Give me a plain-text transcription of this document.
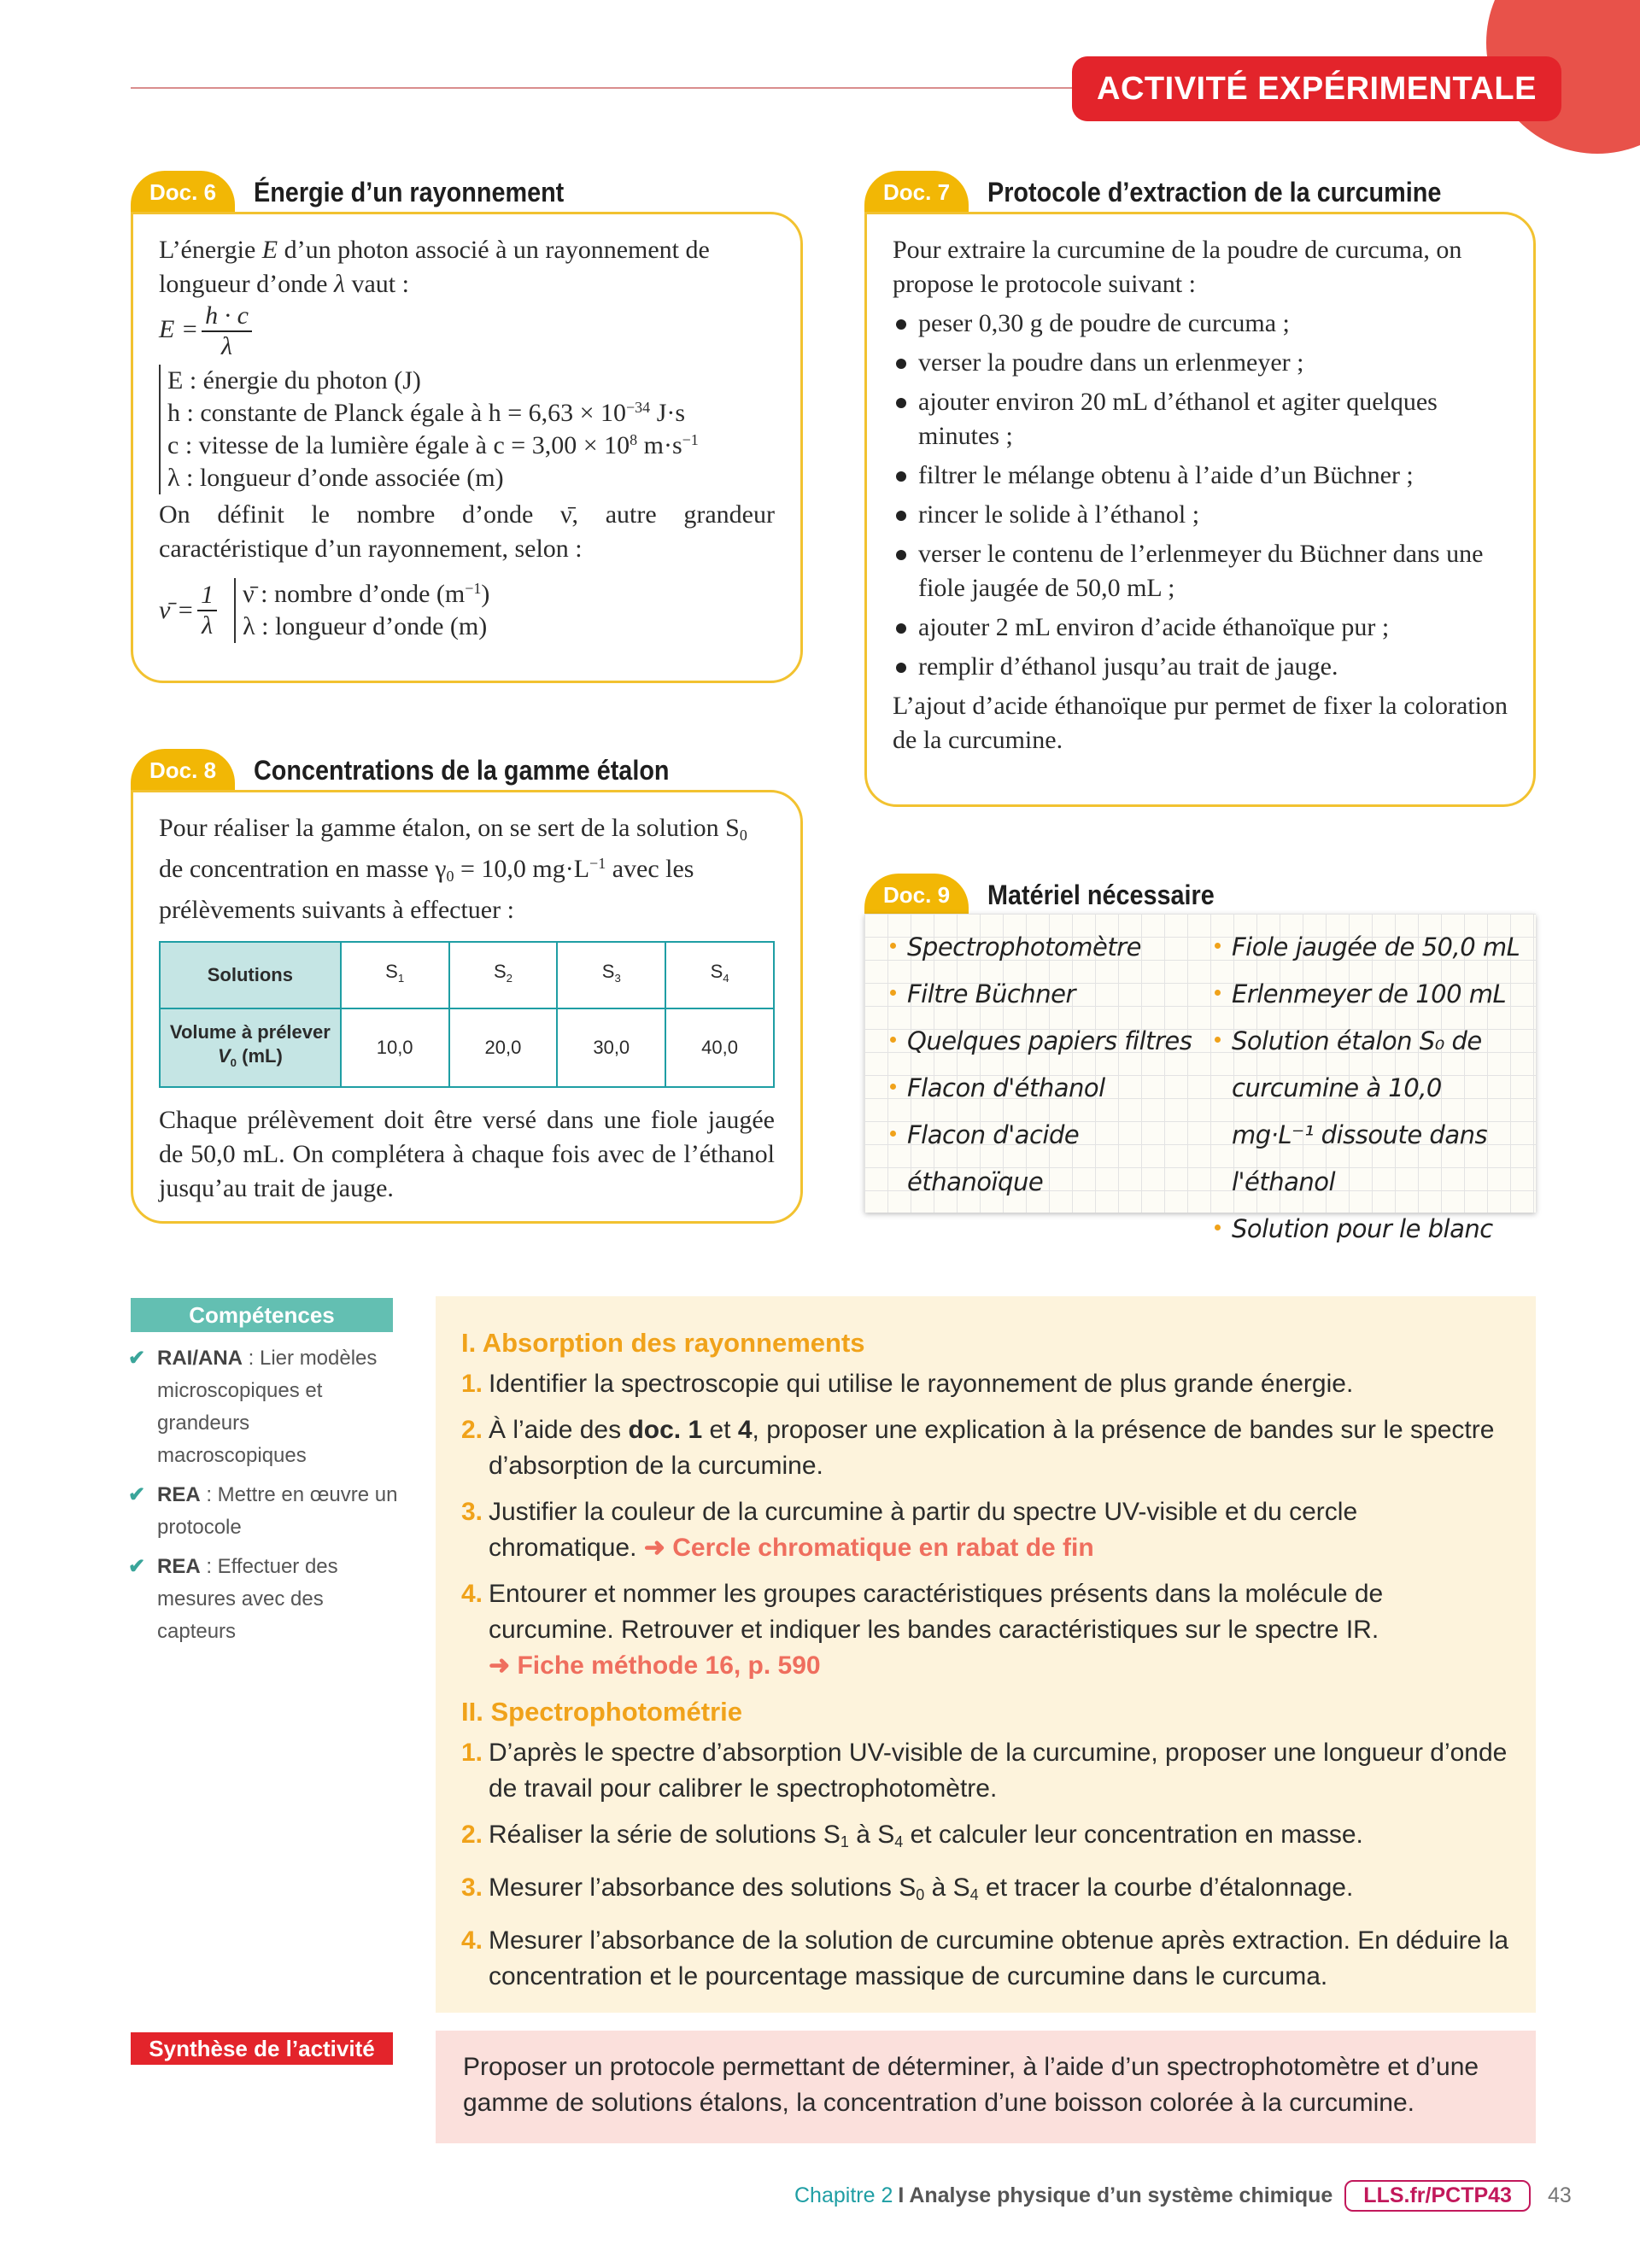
ACTIVITÉ EXPÉRIMENTALE
Doc. 6	Énergie d’un rayonnement

L’énergie E d’un photon associé à un rayonnement de longueur d’onde λ vaut :

$E = \frac{h \cdot c}{\lambda}$

E : énergie du photon (J)
h : constante de Planck égale à $h = 6,63 \times 10^{-34}$ J·s
c : vitesse de la lumière égale à $c = 3,00 \times 10^8$ $m\cdot s^{-1}$
λ : longueur d’onde associée (m)

On définit le nombre d’onde ν̄, autre grandeur caractéristique d’un rayonnement, selon :

ν̄ = $\frac{1}{\lambda}$ ν̄ : nombre d’onde $(m^{-1})$
λ : longueur d’onde (m)
Doc. 7	Protocole d’extraction de la curcumine

Pour extraire la curcumine de la poudre de curcuma, on propose le protocole suivant :

peser 0,30 g de poudre de curcuma ;
verser la poudre dans un erlenmeyer ;
ajouter environ 20 mL d’éthanol et agiter quelques minutes ;
filtrer le mélange obtenu à l’aide d’un Büchner ;
rincer le solide à l’éthanol ;
verser le contenu de l’erlenmeyer du Büchner dans une fiole jaugée de 50,0 mL ;
ajouter 2 mL environ d’acide éthanoïque pur ;
remplir d’éthanol jusqu’au trait de jauge.

L’ajout d’acide éthanoïque pur permet de fixer la coloration de la curcumine.

Doc. 8	Concentrations de la gamme étalon

Pour réaliser la gamme étalon, on se sert de la solution $S_0$ de concentration en masse $\gamma_0 = 10,0$ $mg\cdot L^{-1}$ avec les prélèvements suivants à effectuer :

Solutions	$S_1$	$S_2$	$S_3$	$S_4$

Volume à prélever
$V_0$ (mL)	10,0	20,0	30,0	40,0

Chaque prélèvement doit être versé dans une fiole jaugée de 50,0 mL. On complétera à chaque fois avec de l’éthanol jusqu’au trait de jauge.

Doc. 9	Matériel nécessaire
Spectrophotomètre
Filtre Büchner
Quelques papiers filtres
Flacon d'éthanol
Flacon d'acide éthanoïque
Fiole jaugée de 50,0 mL
Erlenmeyer de 100 mL
Solution étalon S₀ de curcumine à 10,0 mg·L⁻¹ dissoute dans l'éthanol
Solution pour le blanc
Compétences
✔ RAI/ANA : Lier modèles microscopiques et grandeurs macroscopiques
✔ REA : Mettre en œuvre un protocole
✔ REA : Effectuer des mesures avec des capteurs
I. Absorption des rayonnements
1. Identifier la spectroscopie qui utilise le rayonnement de plus grande énergie.
2. À l’aide des doc. 1 et 4, proposer une explication à la présence de bandes sur le spectre d’absorption de la curcumine.
3. Justifier la couleur de la curcumine à partir du spectre UV-visible et du cercle chromatique. ➜ Cercle chromatique en rabat de fin
4. Entourer et nommer les groupes caractéristiques présents dans la molécule de curcumine. Retrouver et indiquer les bandes caractéristiques sur le spectre IR.
➜ Fiche méthode 16, p. 590
II. Spectrophotométrie
1. D’après le spectre d’absorption UV-visible de la curcumine, proposer une longueur d’onde de travail pour calibrer le spectrophotomètre.
2. Réaliser la série de solutions $S_1$ à $S_4$ et calculer leur concentration en masse.
3. Mesurer l’absorbance des solutions $S_0$ à $S_4$ et tracer la courbe d’étalonnage.
4. Mesurer l’absorbance de la solution de curcumine obtenue après extraction. En déduire la concentration et le pourcentage massique de curcumine dans le curcuma.
Synthèse de l’activité
Proposer un protocole permettant de déterminer, à l’aide d’un spectrophotomètre et d’une gamme de solutions étalons, la concentration d’une boisson colorée à la curcumine.
Chapitre 2 I Analyse physique d’un système chimique	LLS.fr/PCTP43	43
